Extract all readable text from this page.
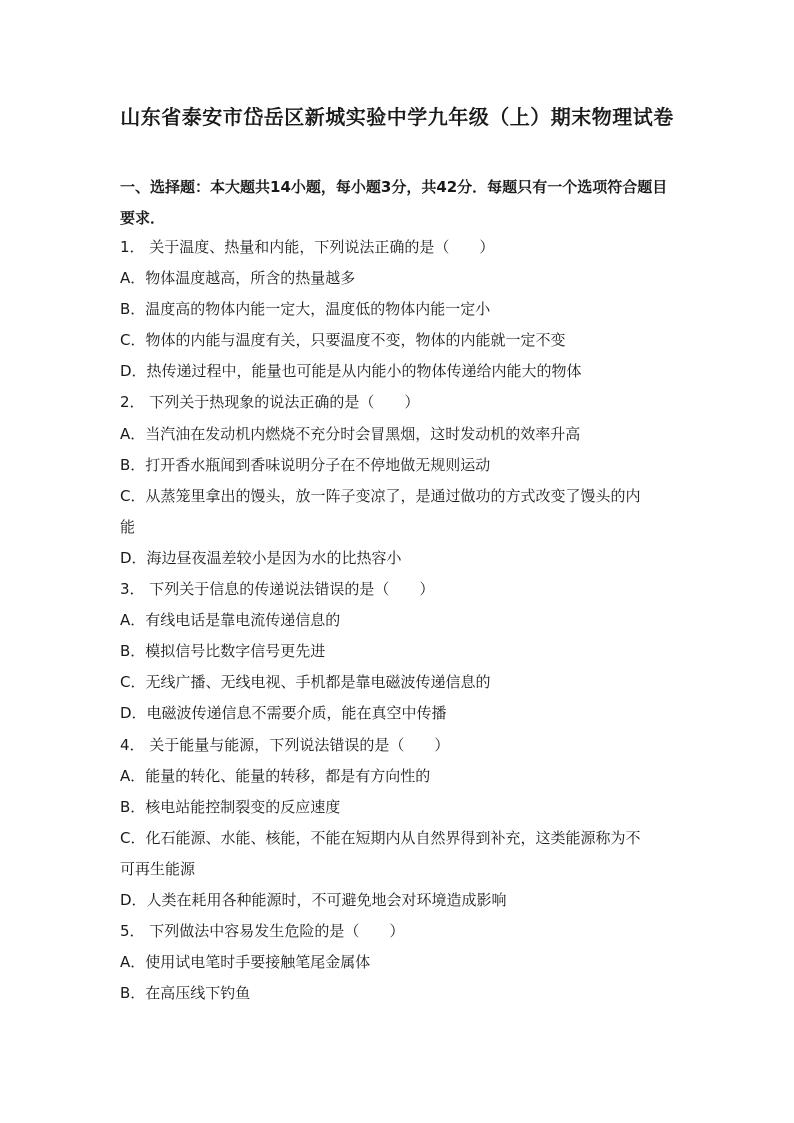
山东省泰安市岱岳区新城实验中学九年级（上）期末物理试卷
一、选择题：本大题共14小题，每小题3分，共42分．每题只有一个选项符合题目要求．
1． 关于温度、热量和内能，下列说法正确的是（　　）
A．物体温度越高，所含的热量越多
B．温度高的物体内能一定大，温度低的物体内能一定小
C．物体的内能与温度有关，只要温度不变，物体的内能就一定不变
D．热传递过程中，能量也可能是从内能小的物体传递给内能大的物体
2． 下列关于热现象的说法正确的是（　　）
A．当汽油在发动机内燃烧不充分时会冒黑烟，这时发动机的效率升高
B．打开香水瓶闻到香味说明分子在不停地做无规则运动
C．从蒸笼里拿出的馒头，放一阵子变凉了，是通过做功的方式改变了馒头的内
能
D．海边昼夜温差较小是因为水的比热容小
3． 下列关于信息的传递说法错误的是（　　）
A．有线电话是靠电流传递信息的
B．模拟信号比数字信号更先进
C．无线广播、无线电视、手机都是靠电磁波传递信息的
D．电磁波传递信息不需要介质，能在真空中传播
4． 关于能量与能源，下列说法错误的是（　　）
A．能量的转化、能量的转移，都是有方向性的
B．核电站能控制裂变的反应速度
C．化石能源、水能、核能，不能在短期内从自然界得到补充，这类能源称为不
可再生能源
D．人类在耗用各种能源时，不可避免地会对环境造成影响
5． 下列做法中容易发生危险的是（　　）
A．使用试电笔时手要接触笔尾金属体
B．在高压线下钓鱼
